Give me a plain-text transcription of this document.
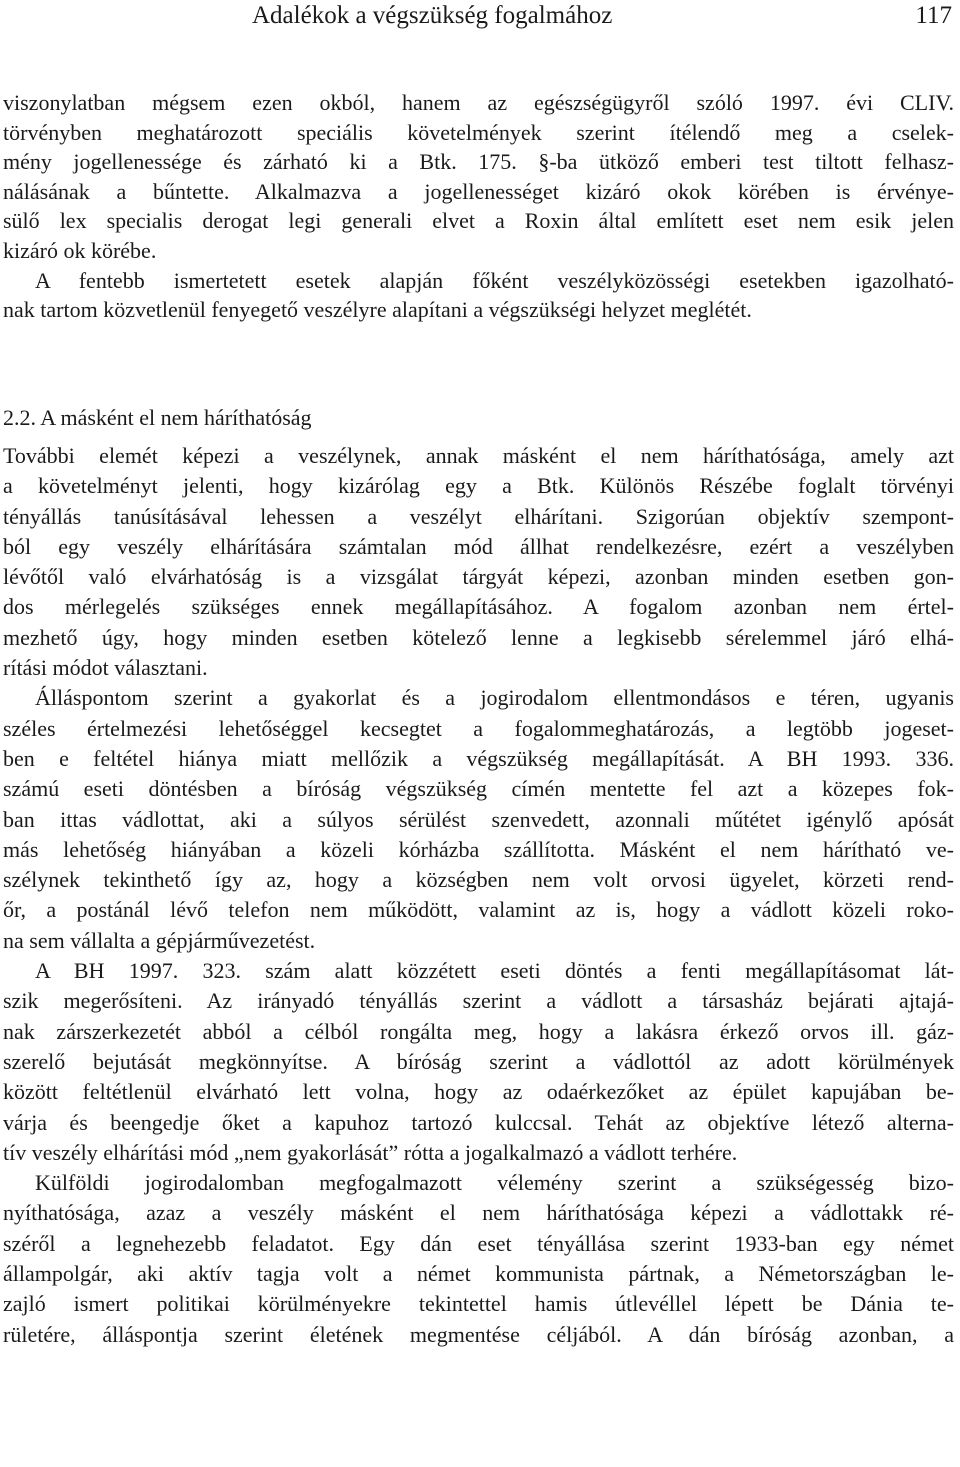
Adalékok a végszükség fogalmához	117
viszonylatban mégsem ezen okból, hanem az egészségügyről szóló 1997. évi CLIV.
törvényben meghatározott speciális követelmények szerint ítélendő meg a cselek-
mény jogellenessége és zárható ki a Btk. 175. §-ba ütköző emberi test tiltott felhasz-
nálásának a bűntette. Alkalmazva a jogellenességet kizáró okok körében is érvénye-
sülő lex specialis derogat legi generali elvet a Roxin által említett eset nem esik jelen
kizáró ok körébe.
A fentebb ismertetett esetek alapján főként veszélyközösségi esetekben igazolható-
nak tartom közvetlenül fenyegető veszélyre alapítani a végszükségi helyzet meglétét.
2.2. A másként el nem háríthatóság
További elemét képezi a veszélynek, annak másként el nem háríthatósága, amely azt
a követelményt jelenti, hogy kizárólag egy a Btk. Különös Részébe foglalt törvényi
tényállás tanúsításával lehessen a veszélyt elhárítani. Szigorúan objektív szempont-
ból egy veszély elhárítására számtalan mód állhat rendelkezésre, ezért a veszélyben
lévőtől való elvárhatóság is a vizsgálat tárgyát képezi, azonban minden esetben gon-
dos mérlegelés szükséges ennek megállapításához. A fogalom azonban nem értel-
mezhető úgy, hogy minden esetben kötelező lenne a legkisebb sérelemmel járó elhá-
rítási módot választani.
Álláspontom szerint a gyakorlat és a jogirodalom ellentmondásos e téren, ugyanis
széles értelmezési lehetőséggel kecsegtet a fogalommeghatározás, a legtöbb jogeset-
ben e feltétel hiánya miatt mellőzik a végszükség megállapítását. A BH 1993. 336.
számú eseti döntésben a bíróság végszükség címén mentette fel azt a közepes fok-
ban ittas vádlottat, aki a súlyos sérülést szenvedett, azonnali műtétet igénylő apósát
más lehetőség hiányában a közeli kórházba szállította. Másként el nem hárítható ve-
szélynek tekinthető így az, hogy a községben nem volt orvosi ügyelet, körzeti rend-
őr, a postánál lévő telefon nem működött, valamint az is, hogy a vádlott közeli roko-
na sem vállalta a gépjárművezetést.
A BH 1997. 323. szám alatt közzétett eseti döntés a fenti megállapításomat lát-
szik megerősíteni. Az irányadó tényállás szerint a vádlott a társasház bejárati ajtajá-
nak zárszerkezetét abból a célból rongálta meg, hogy a lakásra érkező orvos ill. gáz-
szerelő bejutását megkönnyítse. A bíróság szerint a vádlottól az adott körülmények
között feltétlenül elvárható lett volna, hogy az odaérkezőket az épület kapujában be-
várja és beengedje őket a kapuhoz tartozó kulccsal. Tehát az objektíve létező alterna-
tív veszély elhárítási mód „nem gyakorlását” rótta a jogalkalmazó a vádlott terhére.
Külföldi jogirodalomban megfogalmazott vélemény szerint a szükségesség bizo-
nyíthatósága, azaz a veszély másként el nem háríthatósága képezi a vádlottakk ré-
széről a legnehezebb feladatot. Egy dán eset tényállása szerint 1933-ban egy német
állampolgár, aki aktív tagja volt a német kommunista pártnak, a Németországban le-
zajló ismert politikai körülményekre tekintettel hamis útlevéllel lépett be Dánia te-
rületére, álláspontja szerint életének megmentése céljából. A dán bíróság azonban, a
